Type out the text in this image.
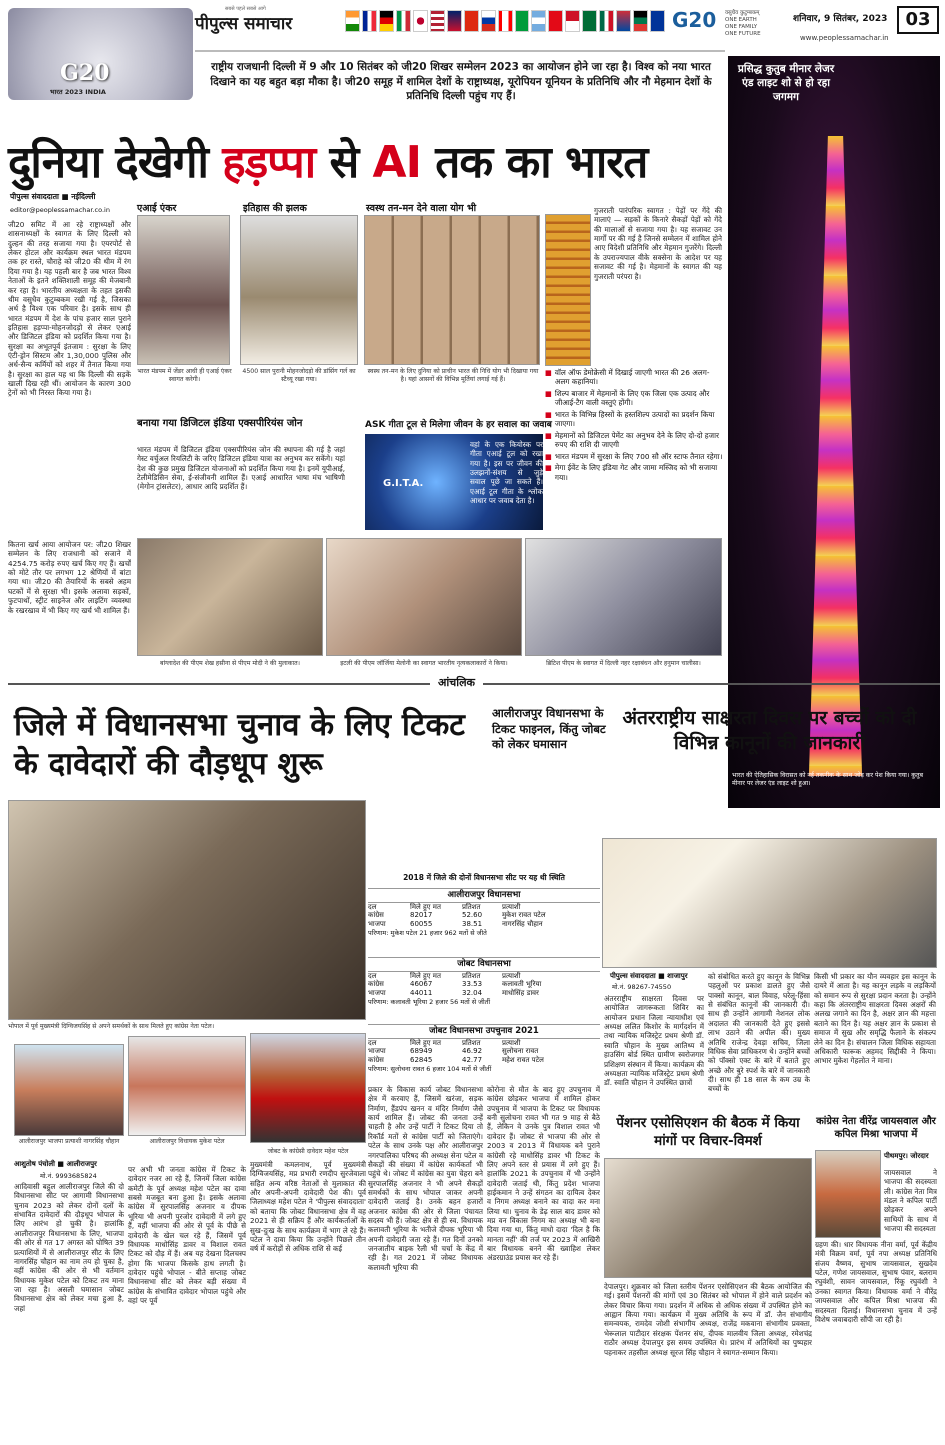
G20
भारत 2023 INDIA
सबसे पहले सबसे आगे
पीपुल्स समाचार	G20 वसुधैव कुटुम्बकम् ONE EARTH ONE FAMILY ONE FUTURE
शनिवार, 9 सितंबर, 2023	03
www.peoplessamachar.in
राष्ट्रीय राजधानी दिल्ली में 9 और 10 सितंबर को जी20 शिखर सम्मेलन 2023 का आयोजन होने जा रहा है। विश्व को नया भारत दिखाने का यह बहुत बड़ा मौका है। जी20 समूह में शामिल देशों के राष्ट्राध्यक्ष, यूरोपियन यूनियन के प्रतिनिधि और नौ मेहमान देशों के प्रतिनिधि दिल्ली पहुंच गए हैं।
प्रसिद्ध कुतुब मीनार लेजर एंड लाइट शो से हो रहा जगमग
भारत की ऐतिहासिक विरासत को नई तकनीक के साथ जोड़ कर पेश किया गया। कुतुब मीनार पर लेजर एंड लाइट शो हुआ।
दुनिया देखेगी हड़प्पा से AI तक का भारत
पीपुल्स संवाददाता ■ नईदिल्ली
editor@peoplessamachar.co.in
जी20 समिट में आ रहे राष्ट्राध्यक्षों और शासनाध्यक्षों के स्वागत के लिए दिल्ली को दुल्हन की तरह सजाया गया है। एयरपोर्ट से लेकर होटल और कार्यक्रम स्थल भारत मंडपम तक हर रास्ते, चौराहे को जी20 की थीम में रंग दिया गया है। यह पहली बार है जब भारत विश्व नेताओं के इतने शक्तिशाली समूह की मेजबानी कर रहा है। भारतीय अध्यक्षता के तहत इसकी थीम वसुधैव कुटुम्बकम रखी गई है, जिसका अर्थ है विश्व एक परिवार है। इसके साथ ही भारत मंडपम में देश के पांच हजार साल पुराने इतिहास हड़प्पा-मोहनजोदड़ो से लेकर एआई और डिजिटल इंडिया को प्रदर्शित किया गया है। सुरक्षा का अभूतपूर्व इंतजाम : सुरक्षा के लिए एंटी-ड्रोन सिस्टम और 1,30,000 पुलिस और अर्ध-सैन्य कर्मियों को शहर में तैनात किया गया है। सुरक्षा का हाल यह था कि दिल्ली की सड़कें खाली दिख रही थीं। आयोजन के कारण 300 ट्रेनों को भी निरस्त किया गया है।
कितना खर्च आया आयोजन पर: जी20 शिखर सम्मेलन के लिए राजधानी को सजाने में 4254.75 करोड़ रुपए खर्च किए गए हैं। खर्चों को मोटे तौर पर लगभग 12 श्रेणियों में बांटा गया था। जी20 की तैयारियों के सबसे अहम घटकों में से सुरक्षा भी। इसके अलावा सड़कों, फुटपाथों, स्ट्रीट साइनेज और लाइटिंग व्यवस्था के रखरखाव में भी किए गए खर्च भी शामिल हैं।
एआई एंकर
भारत मंडपम में जेंडर आधी ही एआई एंकर स्वागत करेगी।
इतिहास की झलक
4500 साल पुरानी मोहनजोदड़ो की डांसिंग गर्ल का स्टैच्यू रखा गया।
स्वस्थ तन-मन देने वाला योग भी
स्वस्थ तन-मन के लिए दुनिया को प्राचीन भारत की निधि योग भी दिखाया गया है। यहां आसनों की विभिन्न मूर्तियां लगाई गई हैं।
गुजराती पारंपरिक स्वागत : पेड़ों पर गेंदे की मालाएं — सड़कों के किनारे सैकड़ों पेड़ों को गेंदे की मालाओं से सजाया गया है। यह सजावट उन मार्गों पर की गई है जिनसे सम्मेलन में शामिल होने आए विदेशी प्रतिनिधि और मेहमान गुजरेंगे। दिल्ली के उपराज्यपाल वीके सक्सेना के आदेश पर यह सजावट की गई है। मेहमानों के स्वागत की यह गुजराती परंपरा है।
■ वॉल ऑफ डेमोक्रेसी में दिखाई जाएगी भारत की 26 अलग-अलग कहानियां।
■ शिल्प बाजार में मेहमानों के लिए एक जिला एक उत्पाद और जीआई-टैग वाली वस्तुएं होंगी।
■ भारत के विभिन्न हिस्सों के हस्तशिल्प उत्पादों का प्रदर्शन किया जाएगा।
■ मेहमानों को डिजिटल पेमेंट का अनुभव देने के लिए दो-दो हजार रुपए की राशि दी जाएगी
■ भारत मंडपम में सुरक्षा के लिए 700 सौ ऑर स्टाफ तैनात रहेगा।
■ मेगा ईवेंट के लिए इंडिया गेट और जामा मस्जिद को भी सजाया गया।
बनाया गया डिजिटल इंडिया एक्सपीरियंस जोन
भारत मंडपम में डिजिटल इंडिया एक्सपीरियंस जोन की स्थापना की गई है जहां गेस्ट वर्चुअल रियलिटी के जरिए डिजिटल इंडिया यात्रा का अनुभव कर सकेंगे। यहां देश की कुछ प्रमुख डिजिटल योजनाओं को प्रदर्शित किया गया है। इनमें यूपीआई, टेलीमेडिसिन सेवा, ई-संजीवनी शामिल हैं। एआई आधारित भाषा मंच भाषिणी (मेगोन ट्रांसलेटर), आधार आदि प्रदर्शित हैं।
ASK गीता टूल से मिलेगा जीवन के हर सवाल का जवाब
G.I.T.A.
वहां के एक कियोस्क पर गीता एआई टूल को रखा गया है। इस पर जीवन की उलझनों-संशय से जुड़े सवाल पूछे जा सकते हैं। एआई टूल गीता के श्लोक आधार पर जवाब देता है।
बांग्लादेश की पीएम शेख हसीना से पीएम मोदी ने की मुलाकात।	इटली की पीएम जॉर्जिया मेलोनी का स्वागत भारतीय नृत्यकलाकारों ने किया।	ब्रिटिश पीएम के स्वागत में दिल्ली नहर रक्षाबंधन और हनुमान चालीसा।
आंचलिक
जिले में विधानसभा चुनाव के लिए टिकट के दावेदारों की दौड़धूप शुरू
आलीराजपुर विधानसभा के टिकट फाइनल, किंतु जोबट को लेकर घमासान
अंतरराष्ट्रीय साक्षरता दिवस पर बच्चों को दी विभिन्न कानूनों की जानकारी
भोपाल में पूर्व मुख्यमंत्री दिग्विजयसिंह से अपने समर्थकों के साथ मिलते हुए कांग्रेस नेता पटेल।
2018 में जिले की दोनों विधानसभा सीट पर यह थी स्थिति
आलीराजपुर विधानसभा
दल	मिले हुए मत	प्रतिशत	प्रत्याशी
कांग्रेस	82017	52.60	मुकेश रावत पटेल
भाजपा	60055	38.51	नागरसिंह चौहान
परिणाम: मुकेश पटेल 21 हजार 962 मतों से जीते
जोबट विधानसभा
दल	मिले हुए मत	प्रतिशत	प्रत्याशी
कांग्रेस	46067	33.53	कलावती भूरिया
भाजपा	44011	32.04	माधोसिंह डावर
परिणाम: कलावती भूरिया 2 हजार 56 मतों से जीतीं
जोबट विधानसभा उपचुनाव 2021
दल	मिले हुए मत	प्रतिशत	प्रत्याशी
भाजपा	68949	46.92	सुलोचना रावत
कांग्रेस	62845	42.77	महेश रावत पटेल
परिणाम: सुलोचना रावत 6 हजार 104 मतों से जीतीं
आलीराजपुर भाजपा प्रत्याशी नागरसिंह चौहान	आलीराजपुर विधायक मुकेश पटेल
जोबट के कांग्रेसी दावेदार महेश पटेल
आशुतोष पंचोली ■ आलीराजपुर
मो.नं. 9993685824
आदिवासी बहुल आलीराजपुर जिले की दो विधानसभा सीट पर आगामी विधानसभा चुनाव 2023 को लेकर दोनों दलों के संभावित दावेदारों की दौड़धूप भोपाल के लिए आरंभ हो चुकी है। हालांकि आलीराजपुर विधानसभा के लिए, भाजपा की ओर से गत 17 अगस्त को घोषित 39 प्रत्याशियों में से आलीराजपुर सीट के लिए नागरसिंह चौहान का नाम तय हो चुका है, वहीं कांग्रेस की ओर से भी वर्तमान विधायक मुकेश पटेल को टिकट तय माना जा रहा है। असली घमासान जोबट विधानसभा क्षेत्र को लेकर मचा हुआ है, जहां
पर अभी भी जनता कांग्रेस में टिकट के दावेदार नजर आ रहे हैं, जिनमें जिला कांग्रेस कमेटी के पूर्व अध्यक्ष महेश पटेल का दावा सबसे मजबूत बना हुआ है। इसके अलावा कांग्रेस में सुरपालसिंह अजनार व दीपक भूरिया भी अपनी पुरजोर दावेदारी में लगे हुए हैं, वहीं भाजपा की ओर से पूर्व के पीछे से दावेदारी के खेल चल रहे हैं, जिसमें पूर्व विधायक माधोसिंह डावर व विशाल रावत टिकट को दौड़ में हैं। अब यह देखना दिलचस्प होगा कि भाजपा किसके हाथ लगती है। दावेदार पहुंचे भोपाल - बीते सप्ताह जोबट विधानसभा सीट को लेकर बड़ी संख्या में कांग्रेस के संभावित दावेदार भोपाल पहुंचे और वहां पर पूर्व
मुख्यमंत्री कमलनाथ, पूर्व मुख्यमंत्री दिग्विजयसिंह, मप्र प्रभारी रणदीप सुरजेवाला सहित अन्य वरिष्ठ नेताओं से मुलाकात की और अपनी-अपनी दावेदारी पेश की। पूर्व जिलाध्यक्ष महेश पटेल ने 'पीपुल्स संवाददाता' को बताया कि जोबट विधानसभा क्षेत्र में वह 2021 से ही सक्रिय हैं और कार्यकर्ताओं के सुख-दुःख के साथ कार्यक्रम में भाग ले रहे हैं। पटेल ने दावा किया कि उन्होंने पिछले तीन वर्ष में करोड़ों से अधिक राशि से कई
प्रकार के विकास कार्य जोबट विधानसभा क्षेत्र में करवाए हैं, जिसमें खरंजा, सड़क निर्माण, हैंडपंप खनन व मंदिर निर्माण जैसे कार्य शामिल हैं। जोबट की जनता उन्हें चाहती है और उन्हें पार्टी ने टिकट दिया तो रिकॉर्ड मतों से कांग्रेस पार्टी को जिताएंगे। पटेल के साथ उनके पक्ष और आलीराजपुर नगरपालिका परिषद की अध्यक्ष सेना पटेल व सैकड़ों की संख्या में कांग्रेस कार्यकर्ता भी पहुंचे थे। जोबट में कांग्रेस का युवा चेहरा बने सुरपालसिंह अजनार ने भी अपने सैकड़ों समर्थकों के साथ भोपाल जाकर अपनी दावेदारी जताई है। उनके बहन हजारों अजनार कांग्रेस की ओर से जिला पंचायत सदस्य भी हैं। जोबट क्षेत्र से ही स्व. विधायक कलावती भूरिया के भतीजे दीपक भूरिया भी अपनी दावेदारी जता रहे हैं। गत दिनों उनको जनजातीय बाइक रैली भी चर्चा के केंद्र में रही है। गत 2021 में जोबट विधायक कलावती भूरिया की
कोरोना से मौत के बाद हुए उपचुनाव में कांग्रेस छोड़कर भाजपा में शामिल होकर उपचुनाव में भाजपा के टिकट पर विधायक बनी सुलोचना रावत भी गत 9 माह से बैठे हैं, लेकिन वे उनके पुत्र विशाल रावत भी दावेदार हैं। जोबट से भाजपा की ओर से 2003 व 2013 में विधायक बने पुराने कांग्रेसी रहे माधोसिंह डावर भी टिकट के लिए अपने स्तर से प्रयास में लगे हुए हैं। हालांकि 2021 के उपचुनाव में भी उन्होंने दावेदारी जताई थी, किंतु प्रदेश भाजपा हाईकमान ने उन्हें संगठन का दायित्व देकर व निगम अध्यक्ष बनाने का वादा कर मना लिया था। चुनाव के डेढ़ साल बाद डावर को मप्र वन विकास निगम का अध्यक्ष भी बना दिया गया था, किंतु माधो दादा 'दिल है कि मानता नहीं' की तर्ज पर 2023 में आखिरी बार विधायक बनने की ख्वाहिश लेकर अंडरग्राउंड प्रयास कर रहे हैं।
पीपुल्स संवाददाता ■ शाजापुर
मो.नं. 98267-74550
अंतरराष्ट्रीय साक्षरता दिवस पर आयोजित जागरूकता शिविर का आयोजन प्रधान जिला न्यायाधीश एवं अध्यक्ष ललित किशोर के मार्गदर्शन में तथा न्यायिक मजिस्ट्रेट प्रथम श्रेणी डॉ. स्वाति चौहान के मुख्य आतिथ्य में हाउसिंग बोर्ड स्थित ग्रामीण स्वरोजगार प्रशिक्षण संस्थान में किया। कार्यक्रम की अध्यक्षता न्यायिक मजिस्ट्रेट प्रथम श्रेणी डॉ. स्वाति चौहान ने उपस्थित छात्रों
को संबोधित करते हुए कानून के विभिन्न पहलुओं पर प्रकाश डालते हुए जैसे पाक्सो कानून, बाल विवाह, घरेलू-हिंसा से संबंधित कानूनों की जानकारी दी। साथ ही उन्होंने आगामी नेशनल लोक अदालत की जानकारी देते हुए इससे लाभ उठाने की अपील की। मुख्य अतिथि राजेन्द्र देवड़ा सचिव, जिला विधिक सेवा प्राधिकरण थे। उन्होंने बच्चों को पॉक्सो एक्ट के बारे में बताते हुए अच्छे और बुरे स्पर्श के बारे में जानकारी दी। साथ ही 18 साल के कम उम्र के बच्चों के
किसी भी प्रकार का यौन व्यवहार इस कानून के दायरे में आता है। यह कानून लड़के व लड़कियों को समान रूप से सुरक्षा प्रदान करता है। उन्होंने कहा कि अंतरराष्ट्रीय साक्षरता दिवस अक्षरों की अलख जगाने का दिन है, अक्षर ज्ञान की महत्ता बताने का दिन है। यह अक्षर ज्ञान के प्रकाश से समाज में सुख और समृद्धि फैलाने के संकल्प लेने का दिन है। संचालन जिला विधिक सहायता अधिकारी फारूक अहमद सिद्दीकी ने किया। आभार मुकेश गेहलोत ने माना।
पेंशनर एसोसिएशन की बैठक में किया मांगों पर विचार-विमर्श
देपालपुर। शुक्रवार को जिला स्तरीय पेंशनर एसोसिएशन की बैठक आयोजित की गई। इसमें पेंशनरों की मांगों एवं 30 सितंबर को भोपाल में होने वाले प्रदर्शन को लेकर विचार किया गया। प्रदर्शन में अधिक से अधिक संख्या में उपस्थित होने का आह्वान किया गया। कार्यक्रम में मुख्य अतिथि के रूप में डॉ. जैन संभागीय समन्वयक, रामदेव जोशी संभागीय अध्यक्ष, राजेंद्र मकवाना संभागीय प्रवक्ता, भेरूलाल पाटीदार संरक्षक पेंशनर संघ, दीपक मालवीय जिला अध्यक्ष, रमेशचंद्र राठौर अध्यक्ष देपालपुर इस समय उपस्थित थे। प्रारंभ में अतिथियों का पुष्पहार पहनाकर तहसील अध्यक्ष सूरज सिंह चौहान ने स्वागत-सम्मान किया।
कांग्रेस नेता वीरेंद्र जायसवाल और कपिल मिश्रा भाजपा में
पीथमपुर। जोरदार
जायसवाल ने भाजपा की सदस्यता ली। कांग्रेस नेता मित्र मंडल ने कपिल पार्टी छोड़कर अपने साथियों के साथ में भाजपा की सदस्यता
ग्रहण की। धार विधायक नीना वर्मा, पूर्व केंद्रीय मंत्री विक्रम वर्मा, पूर्व नपा अध्यक्ष प्रतिनिधि संजय वैष्णव, सुभाष जायसवाल, सुखदेव पटेल, गणेश जायसवाल, सुभाष पंवार, बलराम रघुवंशी, सावन जायसवाल, रिंकू रघुवंशी ने उनका स्वागत किया। विधायक वर्मा ने वीरेंद्र जायसवाल और कपिल मिश्रा भाजपा की सदस्यता दिलाई। विधानसभा चुनाव में उन्हें विशेष जवाबदारी सौंपी जा रही है।
